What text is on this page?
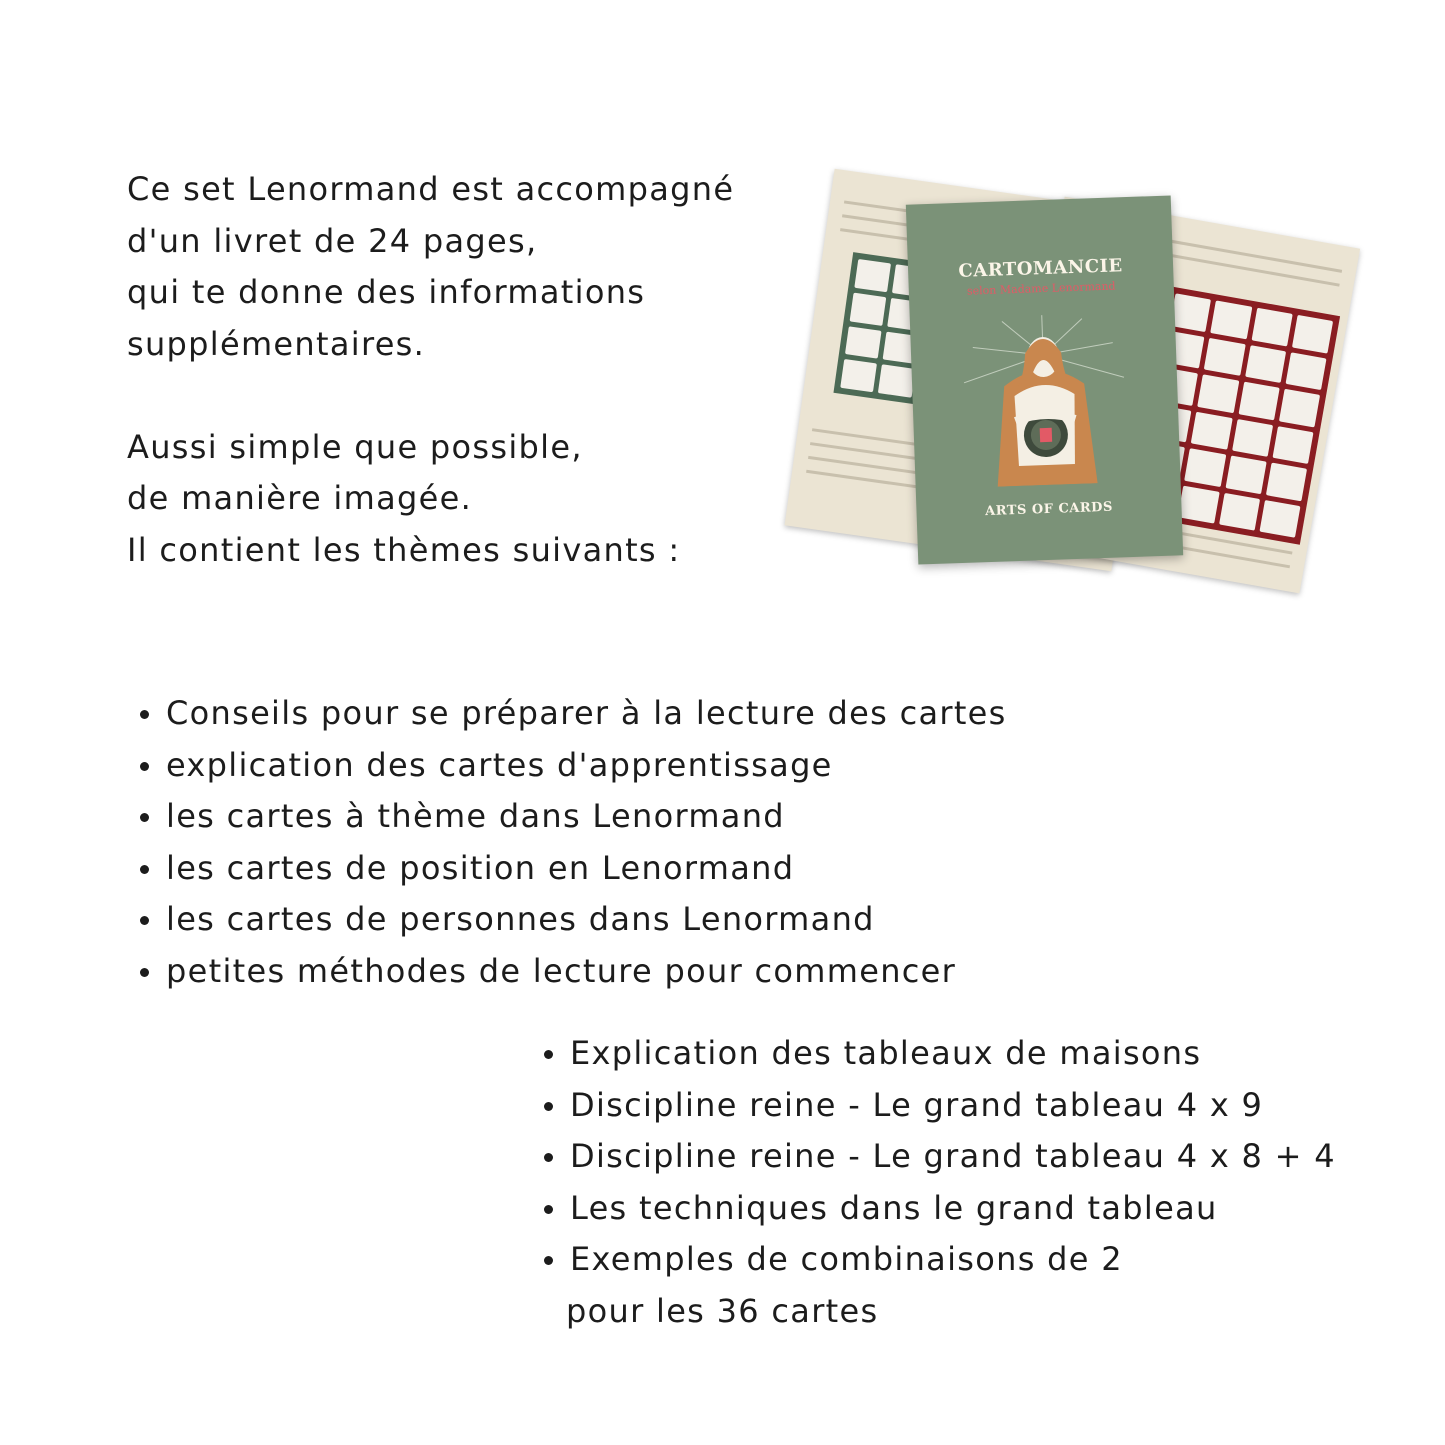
Ce set Lenormand est accompagné

d'un livret de 24 pages,

qui te donne des informations

supplémentaires.

Aussi simple que possible,

de manière imagée.

Il contient les thèmes suivants :

CARTOMANCIE
selon Madame Lenormand
ARTS OF CARDS
Conseils pour se préparer à la lecture des cartes
explication des cartes d'apprentissage
les cartes à thème dans Lenormand
les cartes de position en Lenormand
les cartes de personnes dans Lenormand
petites méthodes de lecture pour commencer
Explication des tableaux de maisons
Discipline reine - Le grand tableau 4 x 9
Discipline reine - Le grand tableau 4 x 8 + 4
Les techniques dans le grand tableau
Exemples de combinaisons de 2
pour les 36 cartes
